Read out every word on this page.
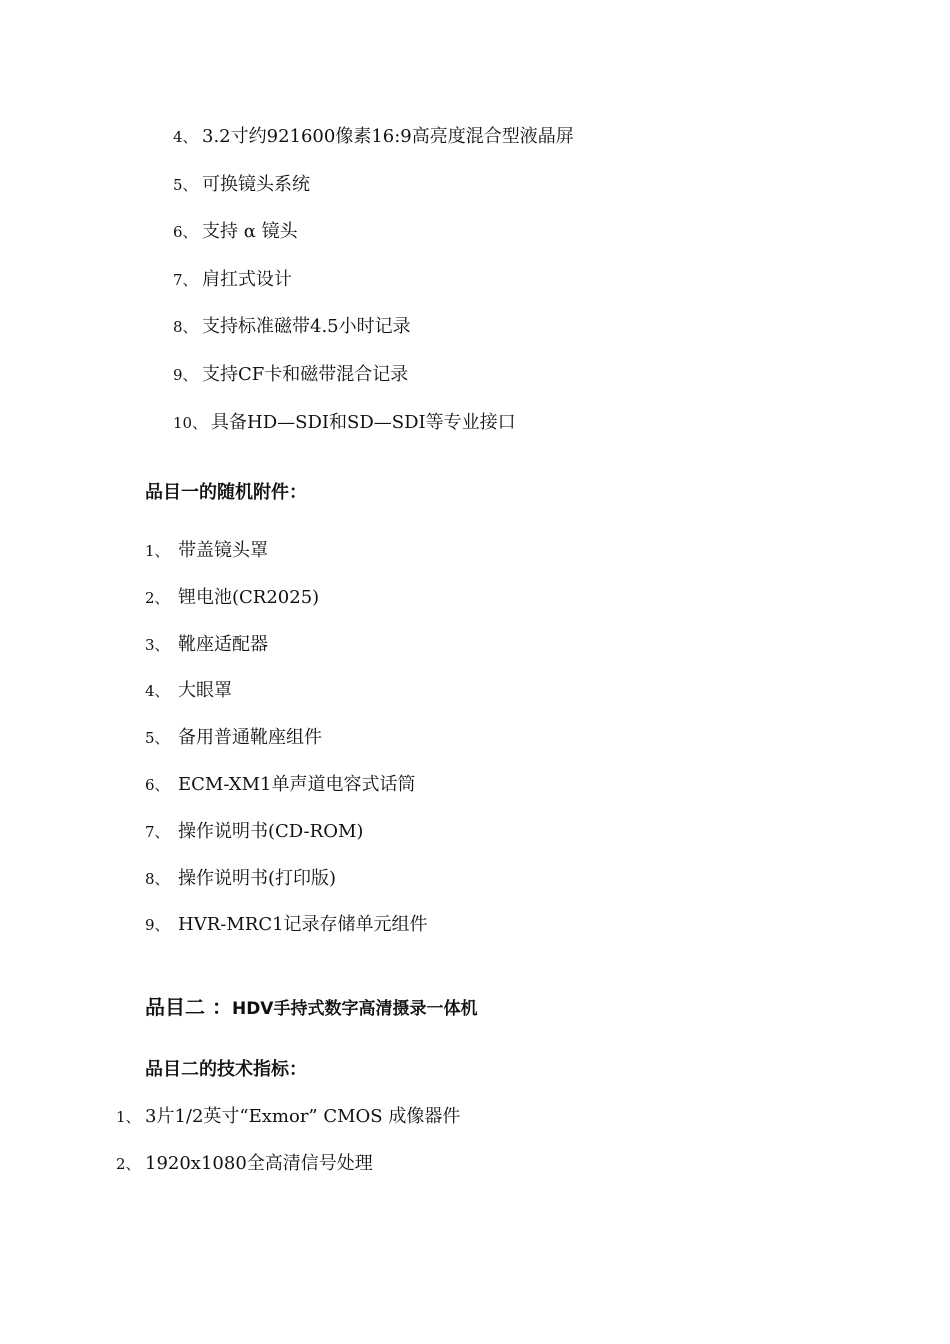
4、 3.2寸约921600像素16:9高亮度混合型液晶屏
5、 可换镜头系统
6、 支持 α 镜头
7、 肩扛式设计
8、 支持标准磁带4.5小时记录
9、 支持CF卡和磁带混合记录
10、 具备HD—SDI和SD—SDI等专业接口
品目一的随机附件：
1、 带盖镜头罩
2、 锂电池(CR2025)
3、 靴座适配器
4、 大眼罩
5、 备用普通靴座组件
6、 ECM-XM1单声道电容式话筒
7、 操作说明书(CD-ROM)
8、 操作说明书(打印版)
9、 HVR-MRC1记录存储单元组件
品目二 ：HDV手持式数字高清摄录一体机
品目二的技术指标：
1、 3片1/2英寸“Exmor” CMOS 成像器件
2、 1920x1080全高清信号处理
